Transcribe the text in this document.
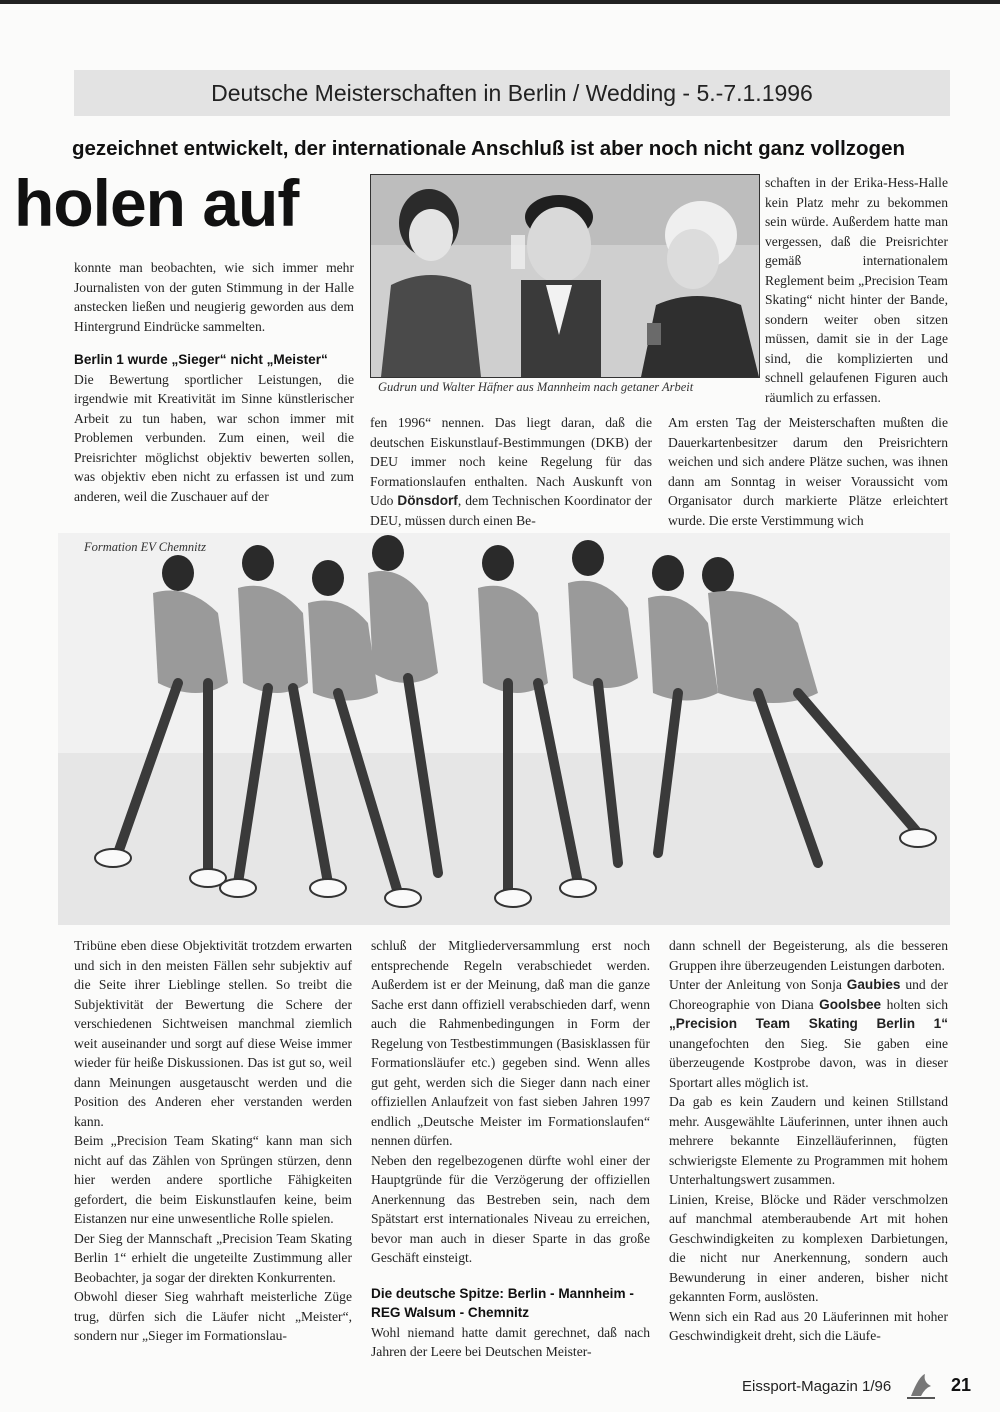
Deutsche Meisterschaften in Berlin / Wedding - 5.-7.1.1996
gezeichnet entwickelt, der internationale Anschluß ist aber noch nicht ganz vollzogen
holen auf

konnte man beobachten, wie sich immer mehr Journalisten von der guten Stimmung in der Halle anstecken ließen und neugierig geworden aus dem Hintergrund Eindrücke sammelten.

Berlin 1 wurde „Sieger“ nicht „Meister“

Die Bewertung sportlicher Leistungen, die irgendwie mit Kreativität im Sinne künstlerischer Arbeit zu tun haben, war schon immer mit Problemen verbunden. Zum einen, weil die Preisrichter möglichst objektiv bewerten sollen, was objektiv eben nicht zu erfassen ist und zum anderen, weil die Zuschauer auf der

Gudrun und Walter Häfner aus Mannheim nach getaner Arbeit

fen 1996“ nennen. Das liegt daran, daß die deutschen Eiskunstlauf-Bestimmungen (DKB) der DEU immer noch keine Regelung für das Formationslaufen enthalten. Nach Auskunft von Udo Dönsdorf, dem Technischen Koordinator der DEU, müssen durch einen Be-

schaften in der Erika-Hess-Halle kein Platz mehr zu bekommen sein würde. Außerdem hatte man vergessen, daß die Preisrichter gemäß internationalem Reglement beim „Precision Team Skating“ nicht hinter der Bande, sondern weiter oben sitzen müssen, damit sie in der Lage sind, die komplizierten und schnell gelaufenen Figuren auch räumlich zu erfassen.

Am ersten Tag der Meisterschaften mußten die Dauerkartenbesitzer darum den Preisrichtern weichen und sich andere Plätze suchen, was ihnen dann am Sonntag in weiser Voraussicht vom Organisator durch markierte Plätze erleichtert wurde. Die erste Verstimmung wich

Formation EV Chemnitz

Tribüne eben diese Objektivität trotzdem erwarten und sich in den meisten Fällen sehr subjektiv auf die Seite ihrer Lieblinge stellen. So treibt die Subjektivität der Bewertung die Schere der verschiedenen Sichtweisen manchmal ziemlich weit auseinander und sorgt auf diese Weise immer wieder für heiße Diskussionen. Das ist gut so, weil dann Meinungen ausgetauscht werden und die Position des Anderen eher verstanden werden kann.

Beim „Precision Team Skating“ kann man sich nicht auf das Zählen von Sprüngen stürzen, denn hier werden andere sportliche Fähigkeiten gefordert, die beim Eiskunstlaufen keine, beim Eistanzen nur eine unwesentliche Rolle spielen.

Der Sieg der Mannschaft „Precision Team Skating Berlin 1“ erhielt die ungeteilte Zustimmung aller Beobachter, ja sogar der direkten Konkurrenten.

Obwohl dieser Sieg wahrhaft meisterliche Züge trug, dürfen sich die Läufer nicht „Meister“, sondern nur „Sieger im Formationslau-

schluß der Mitgliederversammlung erst noch entsprechende Regeln verabschiedet werden. Außerdem ist er der Meinung, daß man die ganze Sache erst dann offiziell verabschieden darf, wenn auch die Rahmenbedingungen in Form der Regelung von Testbestimmungen (Basisklassen für Formationsläufer etc.) gegeben sind. Wenn alles gut geht, werden sich die Sieger dann nach einer offiziellen Anlaufzeit von fast sieben Jahren 1997 endlich „Deutsche Meister im Formationslaufen“ nennen dürfen.

Neben den regelbezogenen dürfte wohl einer der Hauptgründe für die Verzögerung der offiziellen Anerkennung das Bestreben sein, nach dem Spätstart erst internationales Niveau zu erreichen, bevor man auch in dieser Sparte in das große Geschäft einsteigt.

Die deutsche Spitze: Berlin - Mannheim - REG Walsum - Chemnitz

Wohl niemand hatte damit gerechnet, daß nach Jahren der Leere bei Deutschen Meister-

dann schnell der Begeisterung, als die besseren Gruppen ihre überzeugenden Leistungen darboten.

Unter der Anleitung von Sonja Gaubies und der Choreographie von Diana Goolsbee holten sich „Precision Team Skating Berlin 1“ unangefochten den Sieg. Sie gaben eine überzeugende Kostprobe davon, was in dieser Sportart alles möglich ist.

Da gab es kein Zaudern und keinen Stillstand mehr. Ausgewählte Läuferinnen, unter ihnen auch mehrere bekannte Einzelläuferinnen, fügten schwierigste Elemente zu Programmen mit hohem Unterhaltungswert zusammen.

Linien, Kreise, Blöcke und Räder verschmolzen auf manchmal atemberaubende Art mit hohen Geschwindigkeiten zu komplexen Darbietungen, die nicht nur Anerkennung, sondern auch Bewunderung in einer anderen, bisher nicht gekannten Form, auslösten.

Wenn sich ein Rad aus 20 Läuferinnen mit hoher Geschwindigkeit dreht, sich die Läufe-

Eissport-Magazin 1/96	21
